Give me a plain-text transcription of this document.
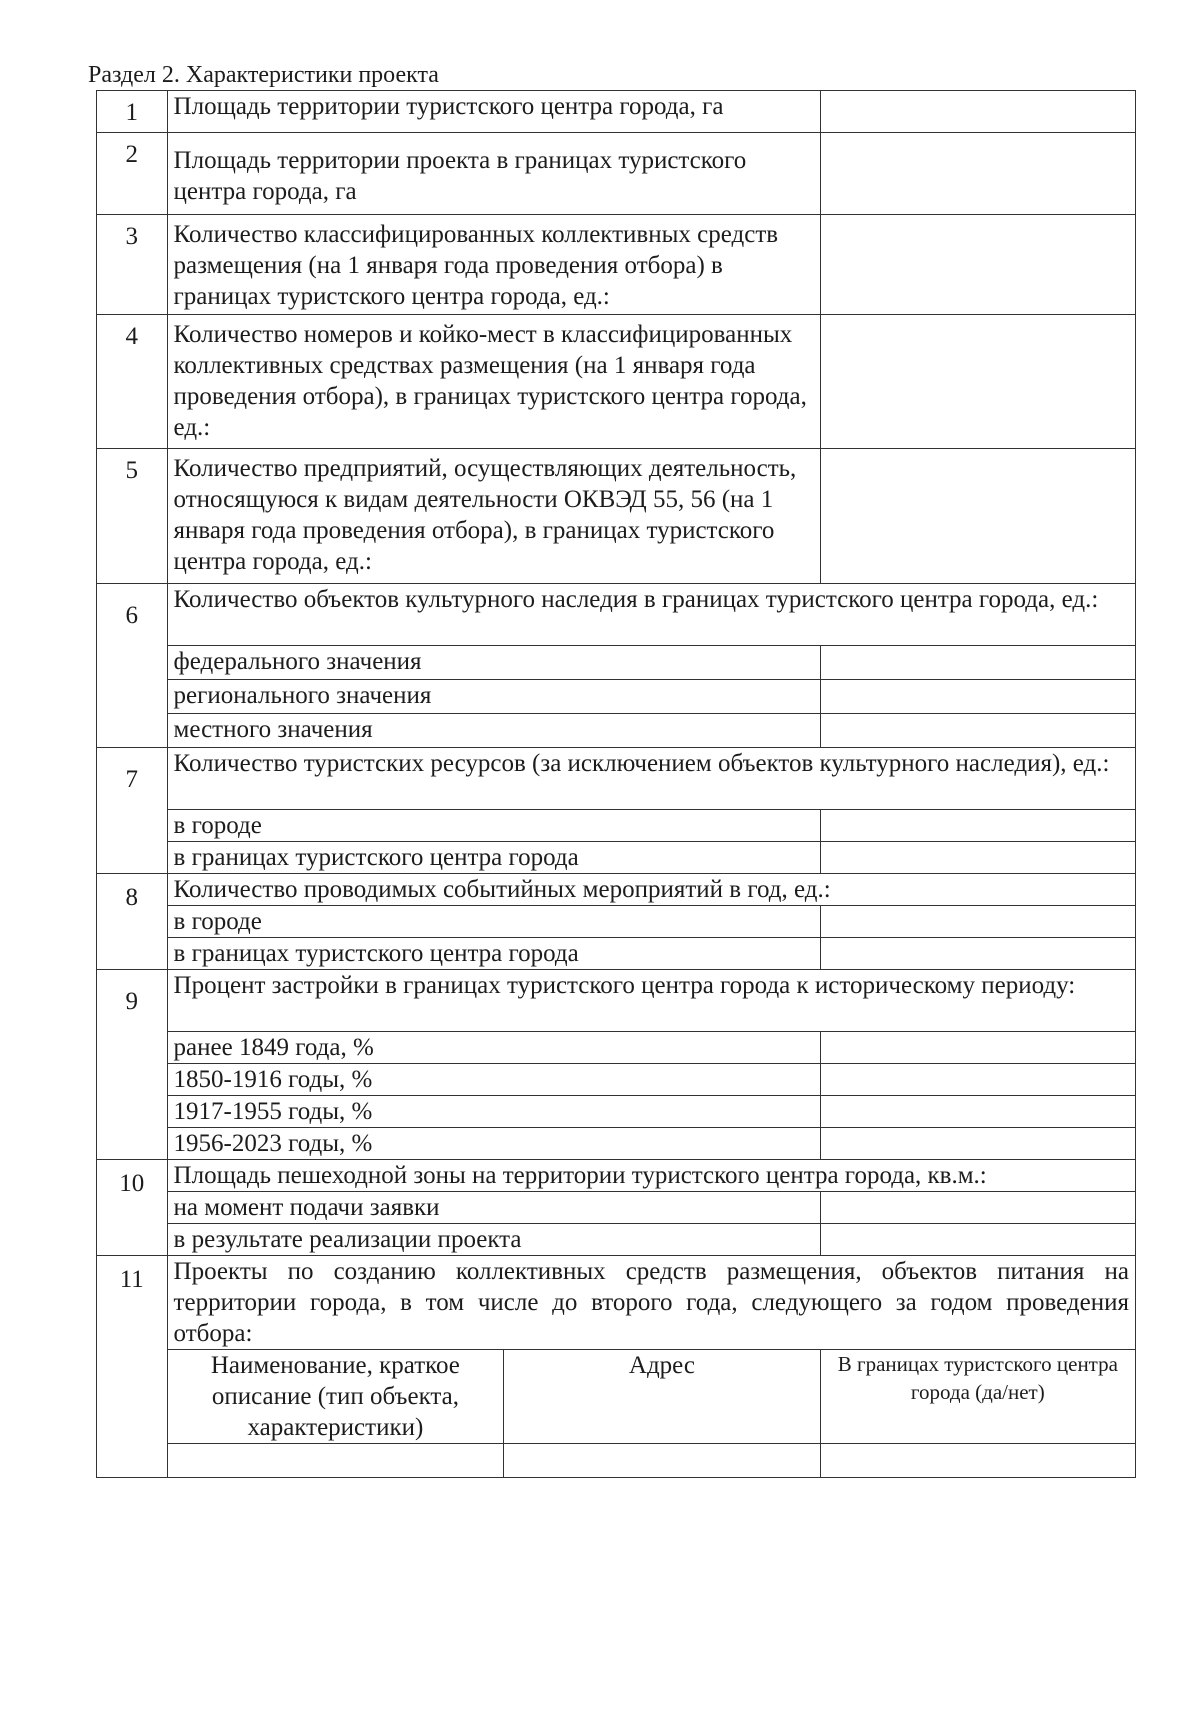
Раздел 2. Характеристики проекта
1	Площадь территории туристского центра города, га		
2	Площадь территории проекта в границах туристского центра города, га		
3	Количество классифицированных коллективных средств размещения (на 1 января года проведения отбора) в границах туристского центра города, ед.:		
4	Количество номеров и койко-мест в классифицированных коллективных средствах размещения (на 1 января года проведения отбора), в границах туристского центра города, ед.:		
5	Количество предприятий, осуществляющих деятельность, относящуюся к видам деятельности ОКВЭД 55, 56 (на 1 января года проведения отбора), в границах туристского центра города, ед.:		
6	Количество объектов культурного наследия в границах туристского центра города, ед.:		
	федерального значения		
	регионального значения		
	местного значения		
7	Количество туристских ресурсов (за исключением объектов культурного наследия), ед.:		
	в городе		
	в границах туристского центра города		
8	Количество проводимых событийных мероприятий в год, ед.:		
	в городе		
	в границах туристского центра города		
9	Процент застройки в границах туристского центра города к историческому периоду:		
	ранее 1849 года, %		
	1850-1916 годы, %		
	1917-1955 годы, %		
	1956-2023 годы, %		
10	Площадь пешеходной зоны на территории туристского центра города, кв.м.:		
	на момент подачи заявки		
	в результате реализации проекта		
11	Проекты по созданию коллективных средств размещения, объектов питания на территории города, в том числе до второго года, следующего за годом проведения отбора:		
	Наименование, краткое описание (тип объекта, характеристики)	Адрес	В границах туристского центра города (да/нет)
